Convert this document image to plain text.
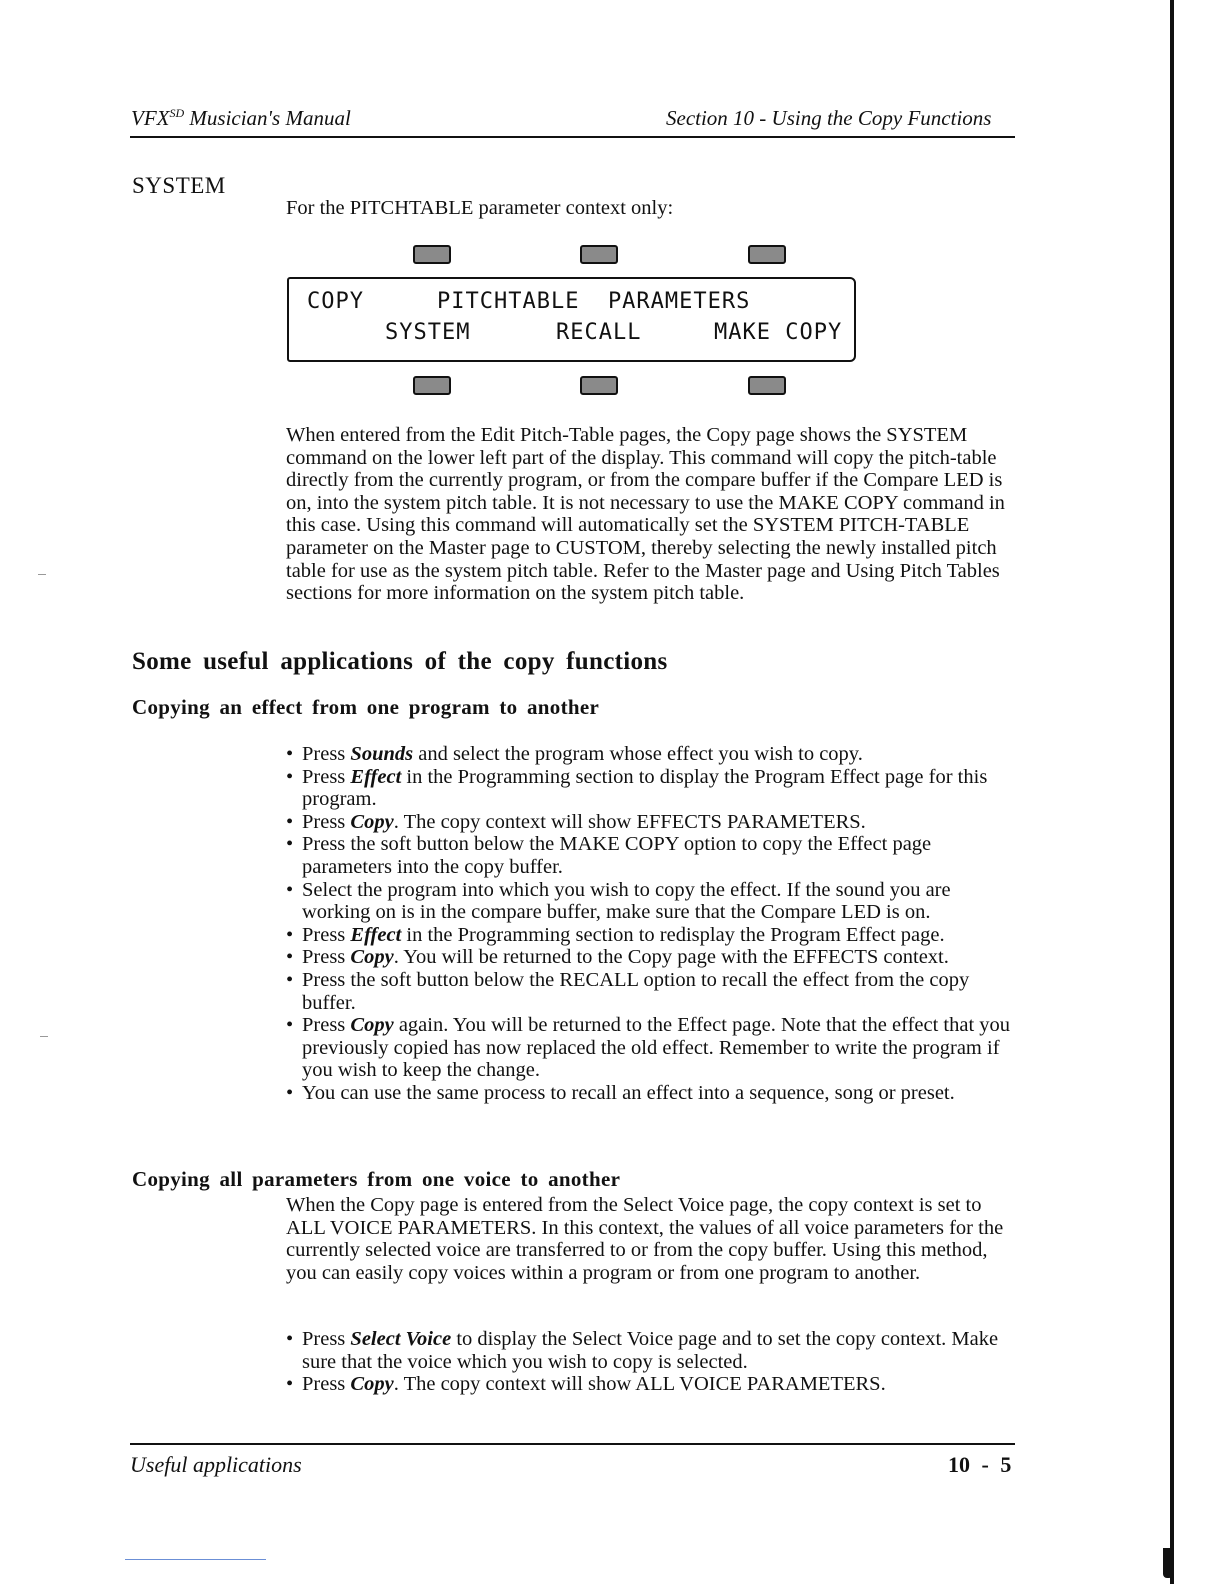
$VFX^{SD}$ Musician's Manual	Section 10 - Using the Copy Functions
SYSTEM
For the PITCHTABLE parameter context only:
COPY	PITCHTABLE  PARAMETERS
SYSTEM	RECALL	MAKE COPY
When entered from the Edit Pitch-Table pages, the Copy page shows the SYSTEM command on the lower left part of the display. This command will copy the pitch-table directly from the currently program, or from the compare buffer if the Compare LED is on, into the system pitch table. It is not necessary to use the MAKE COPY command in this case. Using this command will automatically set the SYSTEM PITCH-TABLE parameter on the Master page to CUSTOM, thereby selecting the newly installed pitch table for use as the system pitch table. Refer to the Master page and Using Pitch Tables sections for more information on the system pitch table.
Some useful applications of the copy functions
Copying an effect from one program to another
• Press Sounds and select the program whose effect you wish to copy.
• Press Effect in the Programming section to display the Program Effect page for this program.
• Press Copy. The copy context will show EFFECTS PARAMETERS.
• Press the soft button below the MAKE COPY option to copy the Effect page parameters into the copy buffer.
• Select the program into which you wish to copy the effect. If the sound you are working on is in the compare buffer, make sure that the Compare LED is on.
• Press Effect in the Programming section to redisplay the Program Effect page.
• Press Copy. You will be returned to the Copy page with the EFFECTS context.
• Press the soft button below the RECALL option to recall the effect from the copy buffer.
• Press Copy again. You will be returned to the Effect page. Note that the effect that you previously copied has now replaced the old effect. Remember to write the program if you wish to keep the change.
• You can use the same process to recall an effect into a sequence, song or preset.
Copying all parameters from one voice to another
When the Copy page is entered from the Select Voice page, the copy context is set to ALL VOICE PARAMETERS. In this context, the values of all voice parameters for the currently selected voice are transferred to or from the copy buffer. Using this method, you can easily copy voices within a program or from one program to another.
• Press Select Voice to display the Select Voice page and to set the copy context. Make sure that the voice which you wish to copy is selected.
• Press Copy. The copy context will show ALL VOICE PARAMETERS.
Useful applications	10 - 5
